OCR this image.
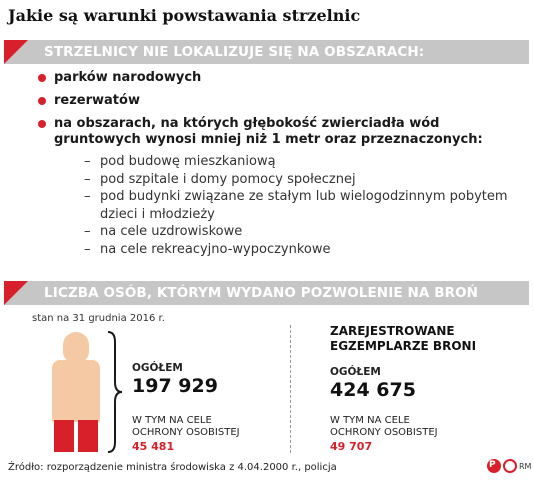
Jakie są warunki powstawania strzelnic
STRZELNICY NIE LOKALIZUJE SIĘ NA OBSZARACH:
parków narodowych
rezerwatów
na obszarach, na których głębokość zwierciadła wód gruntowych wynosi mniej niż 1 metr oraz przeznaczonych:
– pod budowę mieszkaniową
– pod szpitale i domy pomocy społecznej
– pod budynki związane ze stałym lub wielogodzinnym pobytem dzieci i młodzieży
– na cele uzdrowiskowe
– na cele rekreacyjno-wypoczynkowe
LICZBA OSÓB, KTÓRYM WYDANO POZWOLENIE NA BROŃ
stan na 31 grudnia 2016 r.
OGÓŁEM
197 929
W TYM NA CELE OCHRONY OSOBISTEJ
45 481
ZAREJESTROWANE EGZEMPLARZE BRONI
OGÓŁEM
424 675
W TYM NA CELE OCHRONY OSOBISTEJ
49 707
Źródło: rozporządzenie ministra środowiska z 4.04.2000 r., policja	P	RM
